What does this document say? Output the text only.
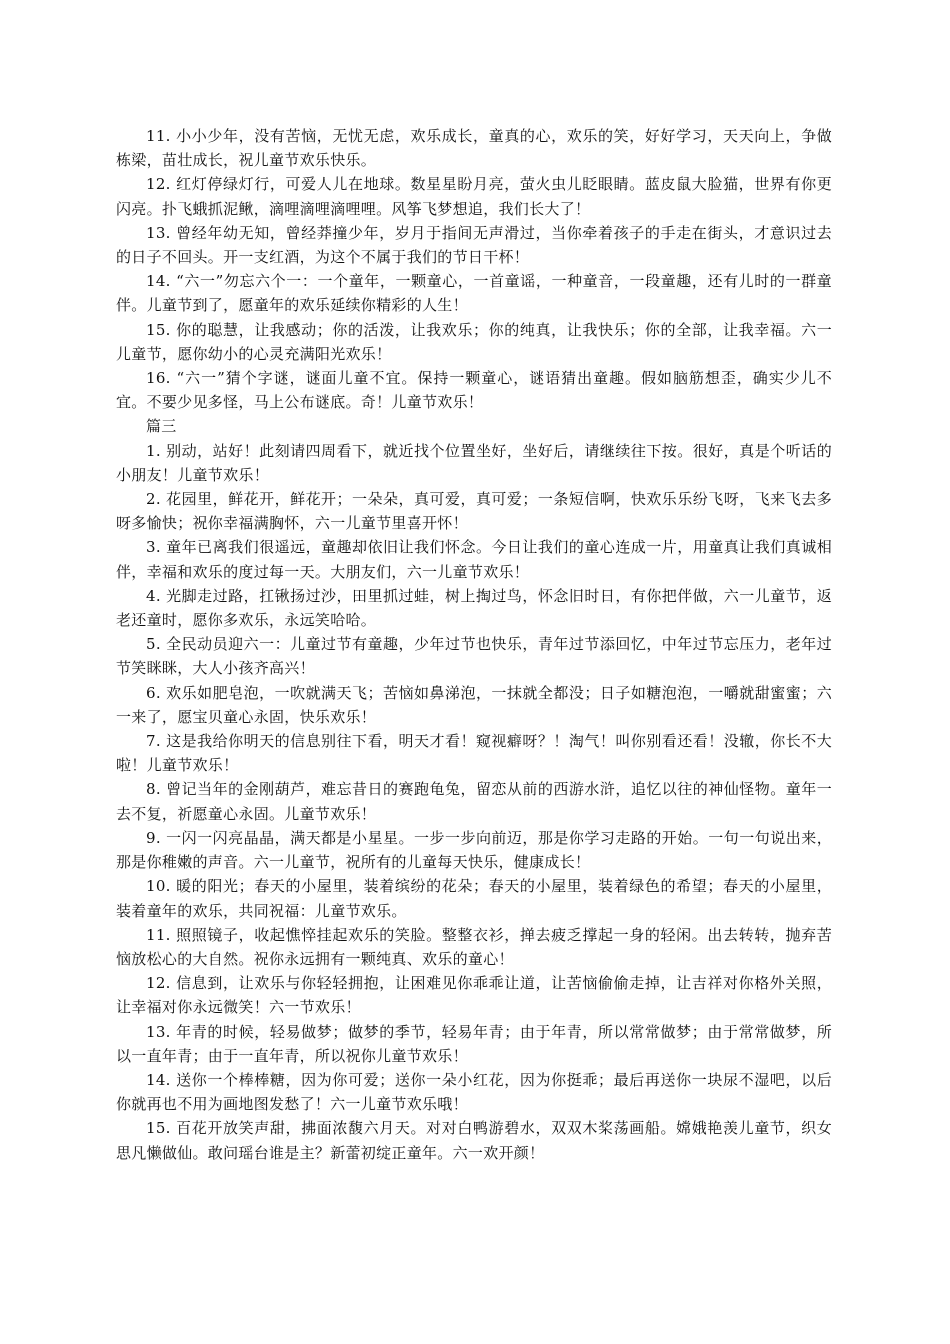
11. 小小少年，没有苦恼，无忧无虑，欢乐成长，童真的心，欢乐的笑，好好学习，天天向上，争做栋梁，苗壮成长，祝儿童节欢乐快乐。

12. 红灯停绿灯行，可爱人儿在地球。数星星盼月亮，萤火虫儿眨眼睛。蓝皮鼠大脸猫，世界有你更闪亮。扑飞蛾抓泥鳅，滴哩滴哩滴哩哩。风筝飞梦想追，我们长大了！

13. 曾经年幼无知，曾经莽撞少年，岁月于指间无声滑过，当你牵着孩子的手走在街头，才意识过去的日子不回头。开一支红酒，为这个不属于我们的节日干杯！

14. “六一”勿忘六个一：一个童年，一颗童心，一首童谣，一种童音，一段童趣，还有儿时的一群童伴。儿童节到了，愿童年的欢乐延续你精彩的人生！

15. 你的聪慧，让我感动；你的活泼，让我欢乐；你的纯真，让我快乐；你的全部，让我幸福。六一儿童节，愿你幼小的心灵充满阳光欢乐！

16. “六一”猜个字谜，谜面儿童不宜。保持一颗童心，谜语猜出童趣。假如脑筋想歪，确实少儿不宜。不要少见多怪，马上公布谜底。奇！儿童节欢乐！

篇三

1. 别动，站好！此刻请四周看下，就近找个位置坐好，坐好后，请继续往下按。很好，真是个听话的小朋友！儿童节欢乐！

2. 花园里，鲜花开，鲜花开；一朵朵，真可爱，真可爱；一条短信啊，快欢乐乐纷飞呀，飞来飞去多呀多愉快；祝你幸福满胸怀，六一儿童节里喜开怀！

3. 童年已离我们很遥远，童趣却依旧让我们怀念。今日让我们的童心连成一片，用童真让我们真诚相伴，幸福和欢乐的度过每一天。大朋友们，六一儿童节欢乐！

4. 光脚走过路，扛锹扬过沙，田里抓过蛙，树上掏过鸟，怀念旧时日，有你把伴做，六一儿童节，返老还童时，愿你多欢乐，永远笑哈哈。

5. 全民动员迎六一：儿童过节有童趣，少年过节也快乐，青年过节添回忆，中年过节忘压力，老年过节笑眯眯，大人小孩齐高兴！

6. 欢乐如肥皂泡，一吹就满天飞；苦恼如鼻涕泡，一抹就全都没；日子如糖泡泡，一嚼就甜蜜蜜；六一来了，愿宝贝童心永固，快乐欢乐！

7. 这是我给你明天的信息别往下看，明天才看！窥视癖呀？！淘气！叫你别看还看！没辙，你长不大啦！儿童节欢乐！

8. 曾记当年的金刚葫芦，难忘昔日的赛跑龟兔，留恋从前的西游水浒，追忆以往的神仙怪物。童年一去不复，祈愿童心永固。儿童节欢乐！

9. 一闪一闪亮晶晶，满天都是小星星。一步一步向前迈，那是你学习走路的开始。一句一句说出来，那是你稚嫩的声音。六一儿童节，祝所有的儿童每天快乐，健康成长！

10. 暖的阳光；春天的小屋里，装着缤纷的花朵；春天的小屋里，装着绿色的希望；春天的小屋里，装着童年的欢乐，共同祝福：儿童节欢乐。

11. 照照镜子，收起憔悴挂起欢乐的笑脸。整整衣衫，掸去疲乏撑起一身的轻闲。出去转转，抛弃苦恼放松心的大自然。祝你永远拥有一颗纯真、欢乐的童心！

12. 信息到，让欢乐与你轻轻拥抱，让困难见你乖乖让道，让苦恼偷偷走掉，让吉祥对你格外关照，让幸福对你永远微笑！六一节欢乐！

13. 年青的时候，轻易做梦；做梦的季节，轻易年青；由于年青，所以常常做梦；由于常常做梦，所以一直年青；由于一直年青，所以祝你儿童节欢乐！

14. 送你一个棒棒糖，因为你可爱；送你一朵小红花，因为你挺乖；最后再送你一块尿不湿吧，以后你就再也不用为画地图发愁了！六一儿童节欢乐哦！

15. 百花开放笑声甜，拂面浓馥六月天。对对白鸭游碧水，双双木桨荡画船。嫦娥艳羡儿童节，织女思凡懒做仙。敢问瑶台谁是主？新蕾初绽正童年。六一欢开颜！
